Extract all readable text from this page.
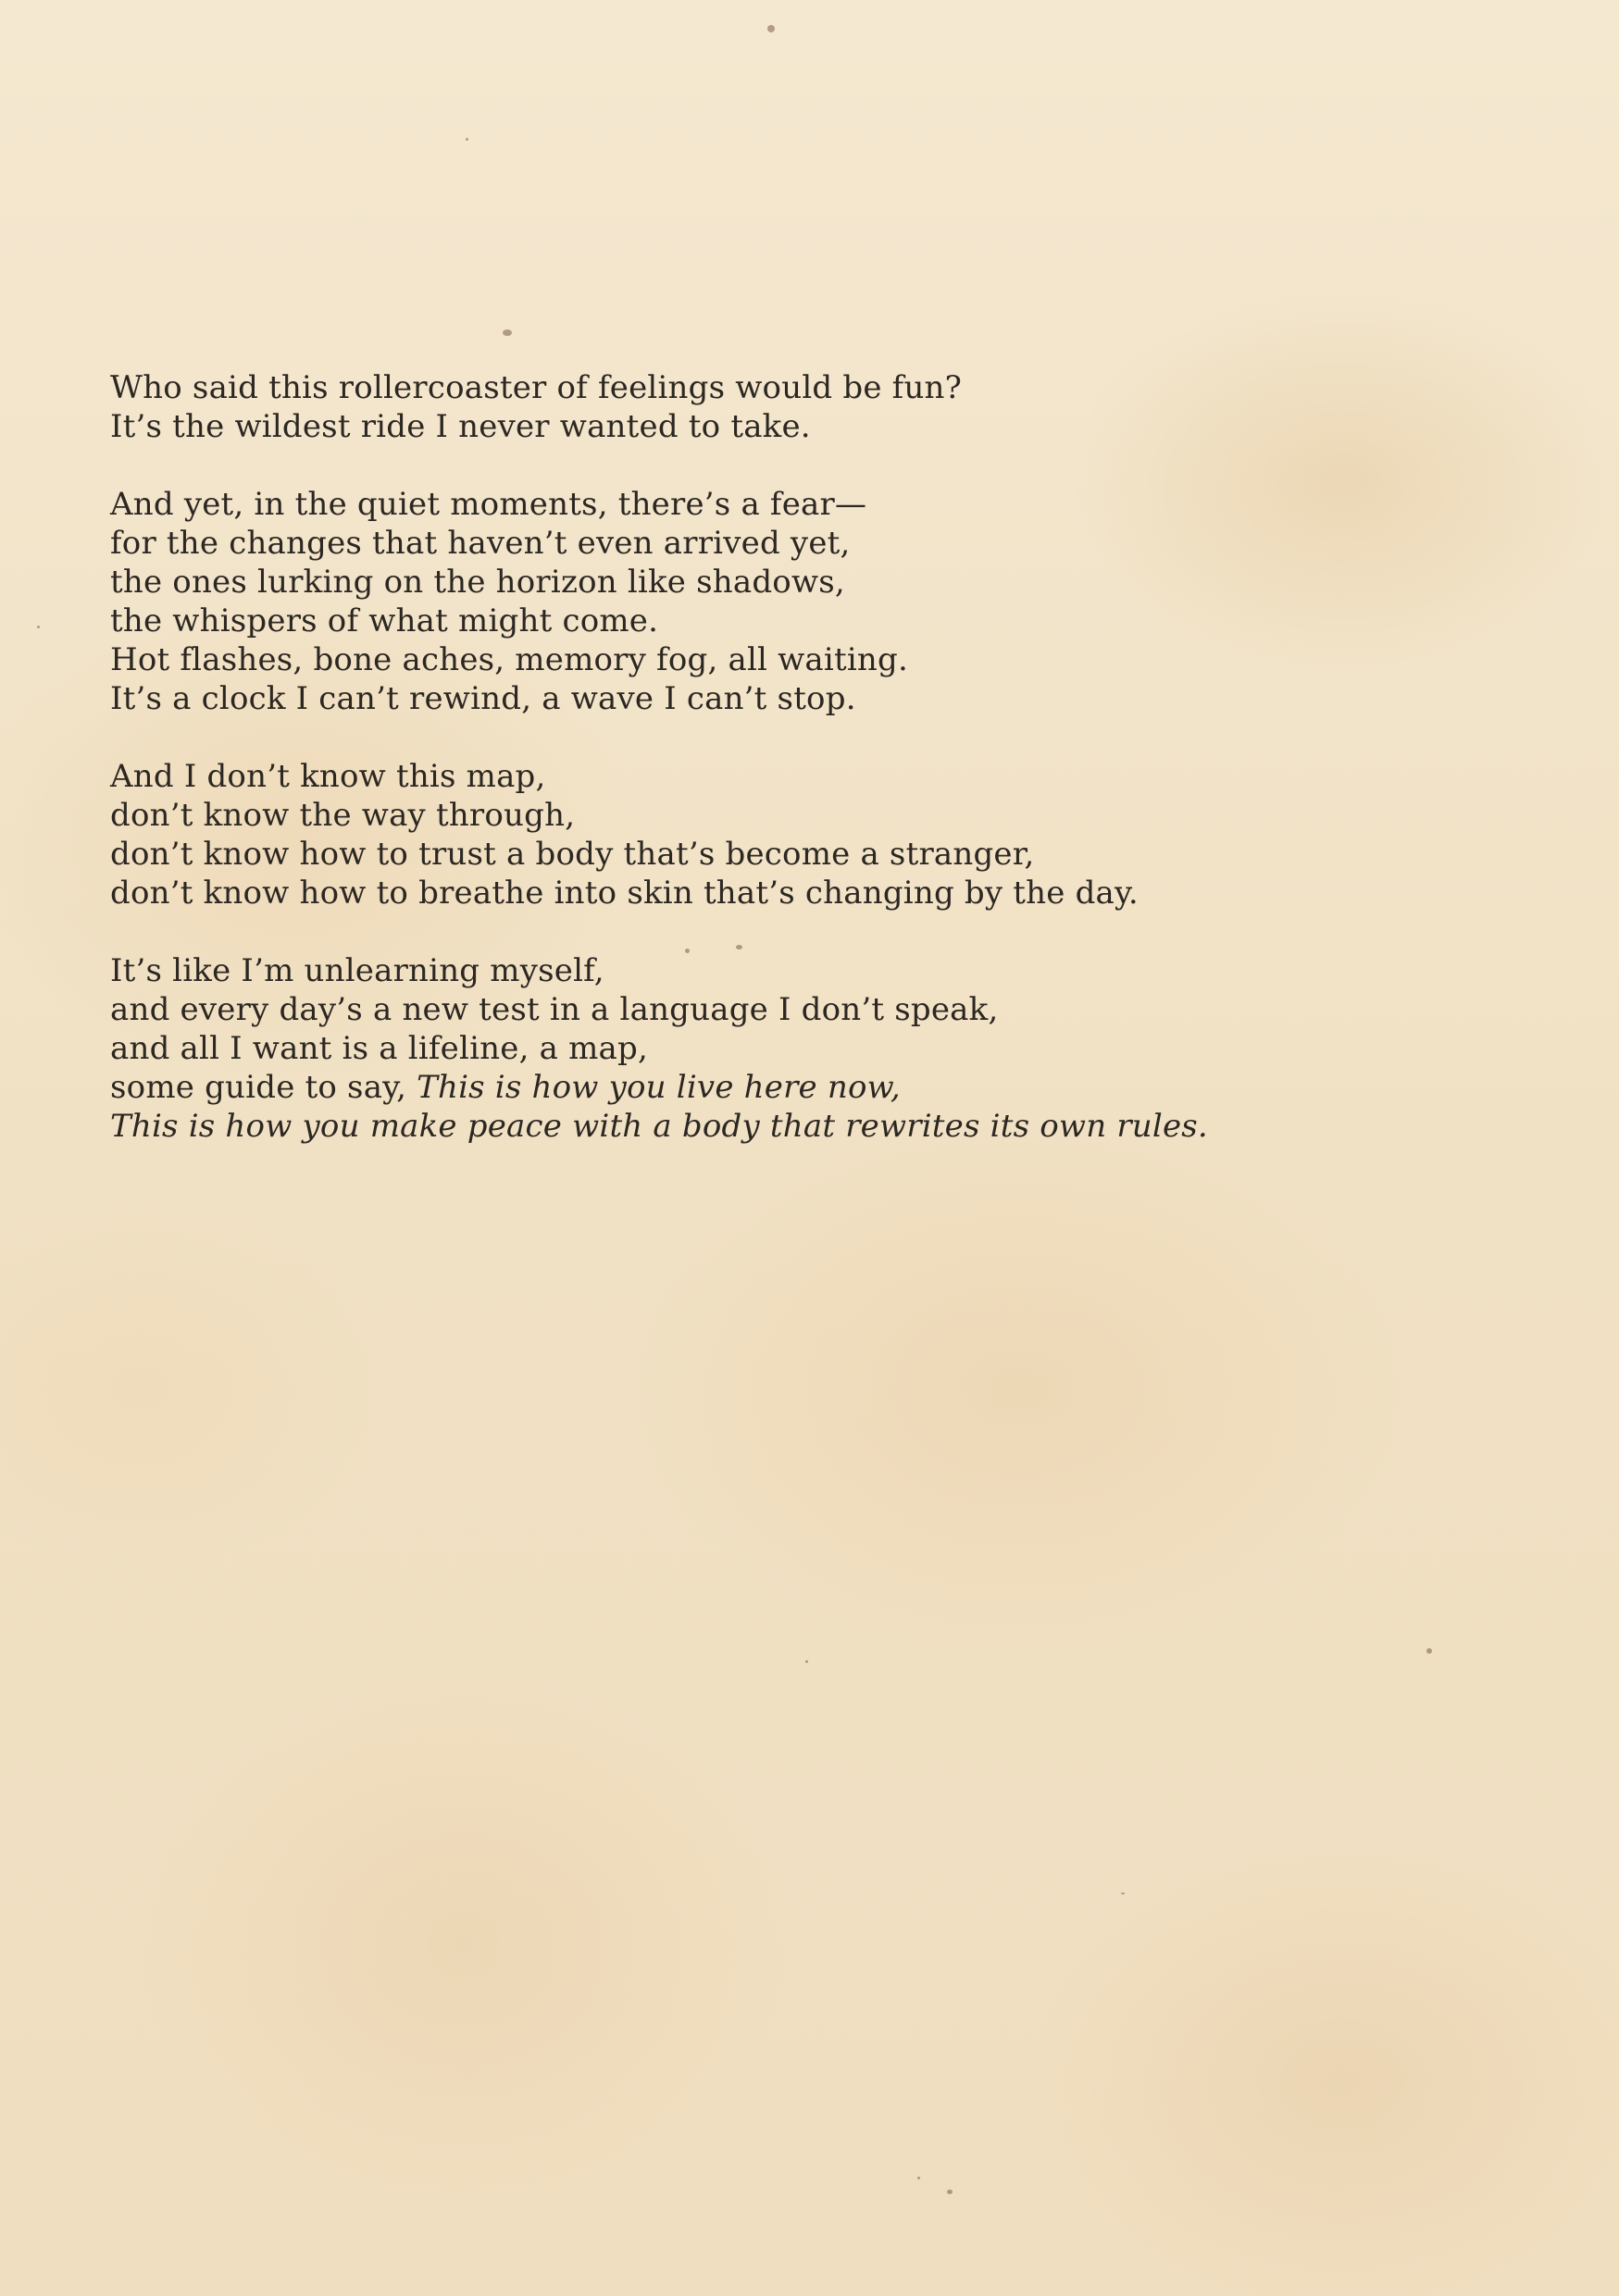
Who said this rollercoaster of feelings would be fun?
It’s the wildest ride I never wanted to take.
And yet, in the quiet moments, there’s a fear—
for the changes that haven’t even arrived yet,
the ones lurking on the horizon like shadows,
the whispers of what might come.
Hot flashes, bone aches, memory fog, all waiting.
It’s a clock I can’t rewind, a wave I can’t stop.
And I don’t know this map,
don’t know the way through,
don’t know how to trust a body that’s become a stranger,
don’t know how to breathe into skin that’s changing by the day.
It’s like I’m unlearning myself,
and every day’s a new test in a language I don’t speak,
and all I want is a lifeline, a map,
some guide to say, This is how you live here now,
This is how you make peace with a body that rewrites its own rules.
